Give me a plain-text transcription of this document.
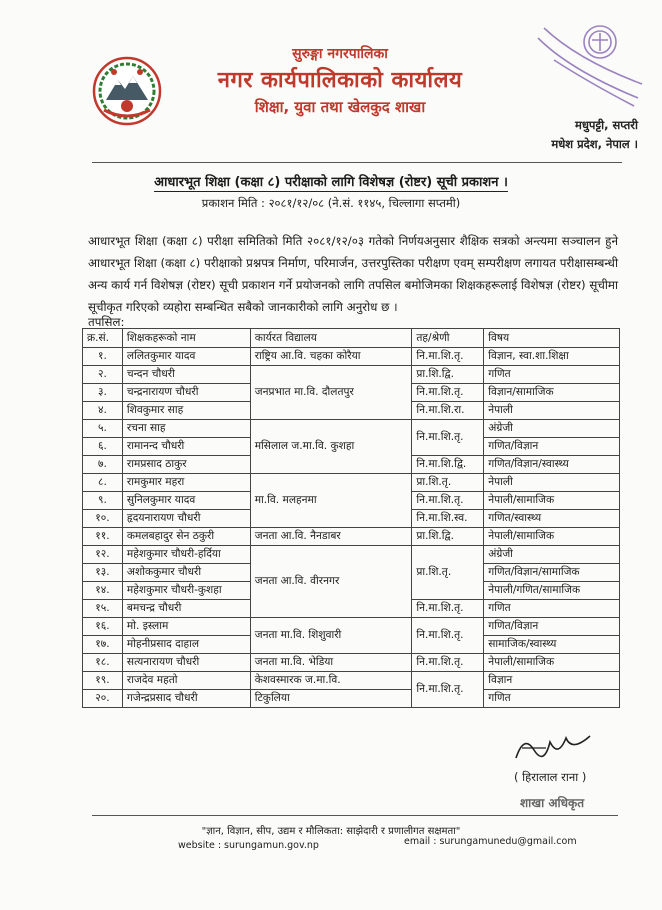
सुरुङ्गा नगरपालिका
नगर कार्यपालिकाको कार्यालय
शिक्षा, युवा तथा खेलकुद शाखा
मधुपट्टी, सप्तरी
मधेश प्रदेश, नेपाल ।
आधारभूत शिक्षा (कक्षा ८) परीक्षाको लागि विशेषज्ञ (रोष्टर) सूची प्रकाशन ।
प्रकाशन मिति : २०८१/१२/०८ (ने.सं. ११४५, चिल्लागा सप्तमी)
आधारभूत शिक्षा (कक्षा ८) परीक्षा समितिको मिति २०८१/१२/०३ गतेको निर्णयअनुसार शैक्षिक सत्रको अन्त्यमा सञ्चालन हुने आधारभूत शिक्षा (कक्षा ८) परीक्षाको प्रश्नपत्र निर्माण, परिमार्जन, उत्तरपुस्तिका परीक्षण एवम् सम्परीक्षण लगायत परीक्षासम्बन्धी अन्य कार्य गर्न विशेषज्ञ (रोष्टर) सूची प्रकाशन गर्ने प्रयोजनको लागि तपसिल बमोजिमका शिक्षकहरूलाई विशेषज्ञ (रोष्टर) सूचीमा सूचीकृत गरिएको व्यहोरा सम्बन्धित सबैको जानकारीको लागि अनुरोध छ ।
तपसिल:
क्र.सं.	शिक्षकहरूको नाम	कार्यरत विद्यालय	तह/श्रेणी	विषय
१.	ललितकुमार यादव	राष्ट्रिय आ.वि. चहका कोरैया	नि.मा.शि.तृ.	विज्ञान, स्वा.शा.शिक्षा
२.	चन्दन चौधरी	जनप्रभात मा.वि. दौलतपुर	प्रा.शि.द्वि.	गणित
३.	चन्द्रनारायण चौधरी		नि.मा.शि.तृ.	विज्ञान/सामाजिक
४.	शिवकुमार साह		नि.मा.शि.रा.	नेपाली
५.	रचना साह	मसिलाल ज.मा.वि. कुशहा	नि.मा.शि.तृ.	अंग्रेजी
६.	रामानन्द चौधरी			गणित/विज्ञान
७.	रामप्रसाद ठाकुर		नि.मा.शि.द्वि.	गणित/विज्ञान/स्वास्थ्य
८.	रामकुमार महरा	मा.वि. मलहनमा	प्रा.शि.तृ.	नेपाली
९.	सुनिलकुमार यादव		नि.मा.शि.तृ.	नेपाली/सामाजिक
१०.	हृदयनारायण चौधरी		नि.मा.शि.स्व.	गणित/स्वास्थ्य
११.	कमलबहादुर सेन ठकुरी	जनता आ.वि. नैनडाबर	प्रा.शि.द्वि.	नेपाली/सामाजिक
१२.	महेशकुमार चौधरी-हर्दिया	जनता आ.वि. वीरनगर	प्रा.शि.तृ.	अंग्रेजी
१३.	अशोककुमार चौधरी			गणित/विज्ञान/सामाजिक
१४.	महेशकुमार चौधरी-कुशहा			नेपाली/गणित/सामाजिक
१५.	बमचन्द्र चौधरी		नि.मा.शि.तृ.	गणित
१६.	मो. इस्लाम	जनता मा.वि. शिशुवारी	नि.मा.शि.तृ.	गणित/विज्ञान
१७.	मोहनीप्रसाद दाहाल			सामाजिक/स्वास्थ्य
१८.	सत्यनारायण चौधरी	जनता मा.वि. भेडिया	नि.मा.शि.तृ.	नेपाली/सामाजिक
१९.	राजदेव महतो	केशवस्मारक ज.मा.वि.	नि.मा.शि.तृ.	विज्ञान
२०.	गजेन्द्रप्रसाद चौधरी	टिकुलिया		गणित
( हिरालाल राना )
शाखा अधिकृत
"ज्ञान, विज्ञान, सीप, उद्यम र मौलिकता: साझेदारी र प्रणालीगत सक्षमता"
website : surungamun.gov.np	email : surungamunedu@gmail.com
